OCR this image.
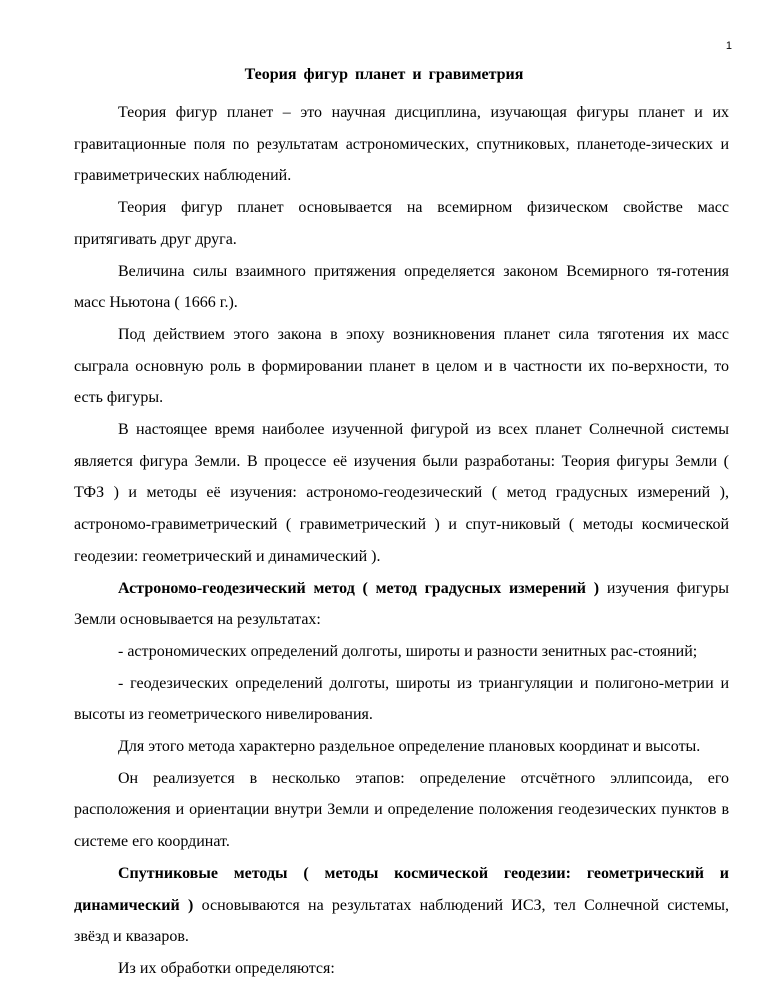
1
Теория фигур планет и гравиметрия

Теория фигур планет – это научная дисциплина, изучающая фигуры планет и их гравитационные поля по результатам астрономических, спутниковых, планетоде-зических и гравиметрических наблюдений.

Теория фигур планет основывается на всемирном физическом свойстве масс притягивать друг друга.

Величина силы взаимного притяжения определяется законом Всемирного тя-готения масс Ньютона ( 1666 г.).

Под действием этого закона в эпоху возникновения планет сила тяготения их масс сыграла основную роль в формировании планет в целом и в частности их по-верхности, то есть фигуры.

В настоящее время наиболее изученной фигурой из всех планет Солнечной системы является фигура Земли. В процессе её изучения были разработаны: Теория фигуры Земли ( ТФЗ ) и методы её изучения: астрономо-геодезический ( метод градусных измерений ), астрономо-гравиметрический ( гравиметрический ) и спут-никовый ( методы космической геодезии: геометрический и динамический ).

Астрономо-геодезический метод ( метод градусных измерений ) изучения фигуры Земли основывается на результатах:

- астрономических определений долготы, широты и разности зенитных рас-стояний;

- геодезических определений долготы, широты из триангуляции и полигоно-метрии и высоты из геометрического нивелирования.

Для этого метода характерно раздельное определение плановых координат и высоты.

Он реализуется в несколько этапов: определение отсчётного эллипсоида, его расположения и ориентации внутри Земли и определение положения геодезических пунктов в системе его координат.

Спутниковые методы ( методы космической геодезии: геометрический и динамический ) основываются на результатах наблюдений ИСЗ, тел Солнечной системы, звёзд и квазаров.

Из их обработки определяются:
